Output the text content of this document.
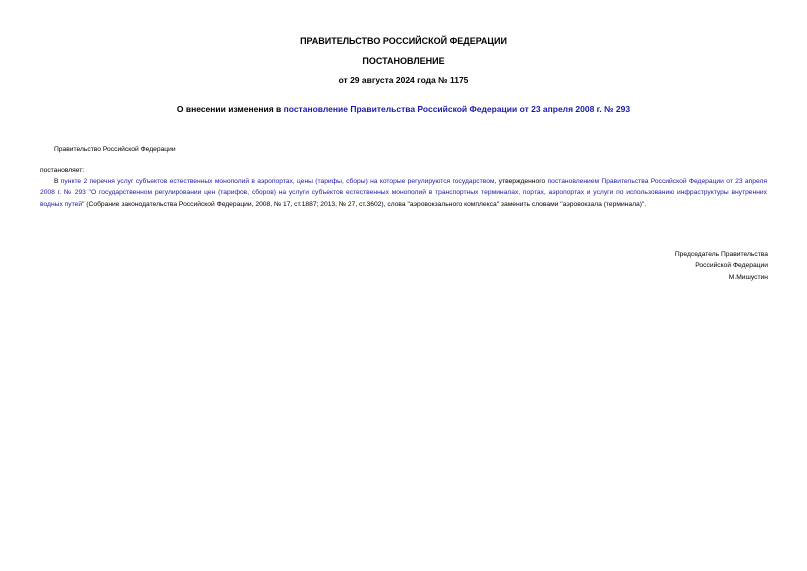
ПРАВИТЕЛЬСТВО РОССИЙСКОЙ ФЕДЕРАЦИИ
ПОСТАНОВЛЕНИЕ
от 29 августа 2024 года № 1175
О внесении изменения в постановление Правительства Российской Федерации от 23 апреля 2008 г. № 293
Правительство Российской Федерации
постановляет:
В пункте 2 перечня услуг субъектов естественных монополий в аэропортах, цены (тарифы, сборы) на которые регулируются государством, утвержденного постановлением Правительства Российской Федерации от 23 апреля 2008 г. № 293 "О государственном регулировании цен (тарифов, сборов) на услуги субъектов естественных монополий в транспортных терминалах, портах, аэропортах и услуги по использованию инфраструктуры внутренних водных путей" (Собрание законодательства Российской Федерации, 2008, № 17, ст.1887; 2013, № 27, ст.3602), слова "аэровокзального комплекса" заменить словами "аэровокзала (терминала)".
Председатель Правительства
Российской Федерации
М.Мишустин
